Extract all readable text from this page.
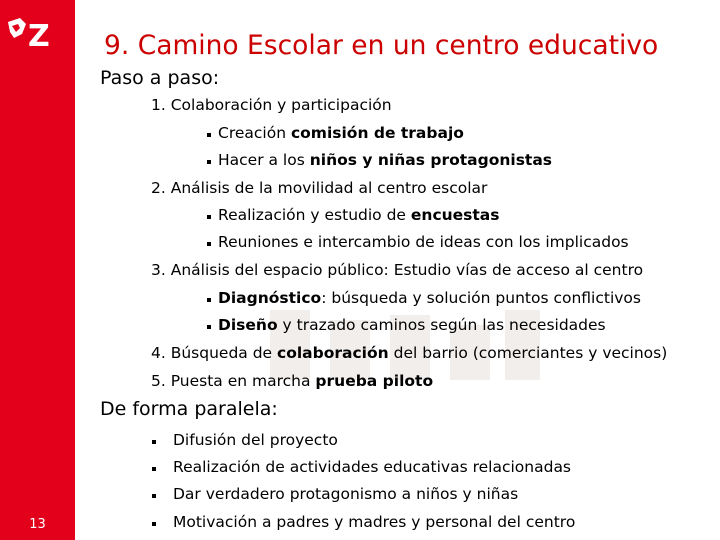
Z
13
9. Camino Escolar en un centro educativo
Paso a paso:
1. Colaboración y participación
Creación comisión de trabajo
Hacer a los niños y niñas protagonistas
2. Análisis de la movilidad al centro escolar
Realización y estudio de encuestas
Reuniones e intercambio de ideas con los implicados
3. Análisis del espacio público: Estudio vías de acceso al centro
Diagnóstico: búsqueda y solución puntos conflictivos
Diseño y trazado caminos según las necesidades
4. Búsqueda de colaboración del barrio (comerciantes y vecinos)
5. Puesta en marcha prueba piloto
De forma paralela:
Difusión del proyecto
Realización de actividades educativas relacionadas
Dar verdadero protagonismo a niños y niñas
Motivación a padres y madres y personal del centro
